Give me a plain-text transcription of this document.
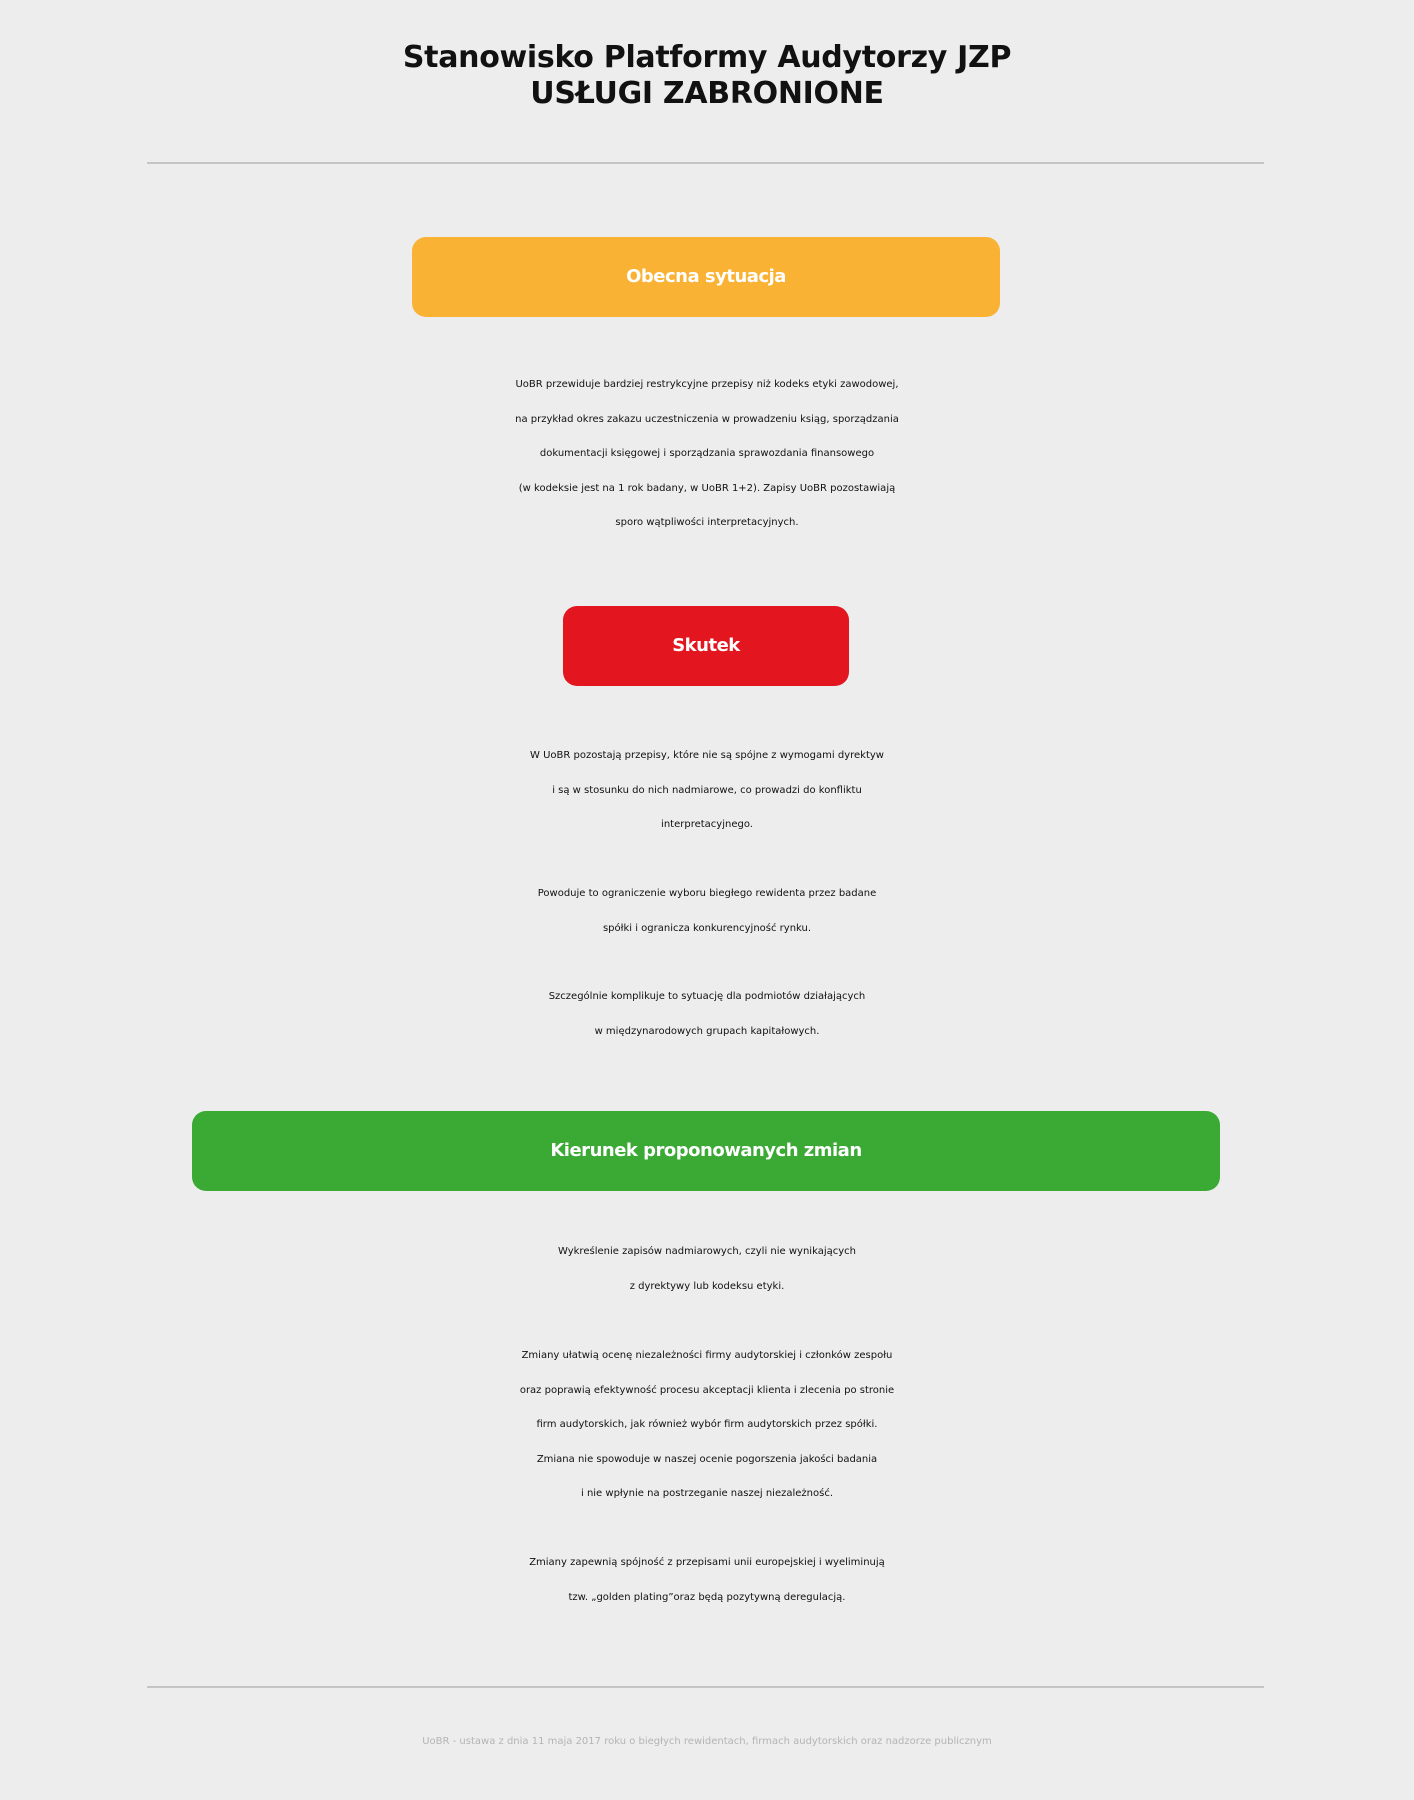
Stanowisko Platformy Audytorzy JZP
USŁUGI ZABRONIONE
Obecna sytuacja
UoBR przewiduje bardziej restrykcyjne przepisy niż kodeks etyki zawodowej,
na przykład okres zakazu uczestniczenia w prowadzeniu ksiąg, sporządzania
dokumentacji księgowej i sporządzania sprawozdania finansowego
(w kodeksie jest na 1 rok badany, w UoBR 1+2). Zapisy UoBR pozostawiają
sporo wątpliwości interpretacyjnych.
Skutek
W UoBR pozostają przepisy, które nie są spójne z wymogami dyrektyw
i są w stosunku do nich nadmiarowe, co prowadzi do konfliktu
interpretacyjnego.
Powoduje to ograniczenie wyboru biegłego rewidenta przez badane
spółki i ogranicza konkurencyjność rynku.
Szczególnie komplikuje to sytuację dla podmiotów działających
w międzynarodowych grupach kapitałowych.
Kierunek proponowanych zmian
Wykreślenie zapisów nadmiarowych, czyli nie wynikających
z dyrektywy lub kodeksu etyki.
Zmiany ułatwią ocenę niezależności firmy audytorskiej i członków zespołu
oraz poprawią efektywność procesu akceptacji klienta i zlecenia po stronie
firm audytorskich, jak również wybór firm audytorskich przez spółki.
Zmiana nie spowoduje w naszej ocenie pogorszenia jakości badania
i nie wpłynie na postrzeganie naszej niezależność.
Zmiany zapewnią spójność z przepisami unii europejskiej i wyeliminują
tzw. „golden plating”oraz będą pozytywną deregulacją.
UoBR - ustawa z dnia 11 maja 2017 roku o biegłych rewidentach, firmach audytorskich oraz nadzorze publicznym
